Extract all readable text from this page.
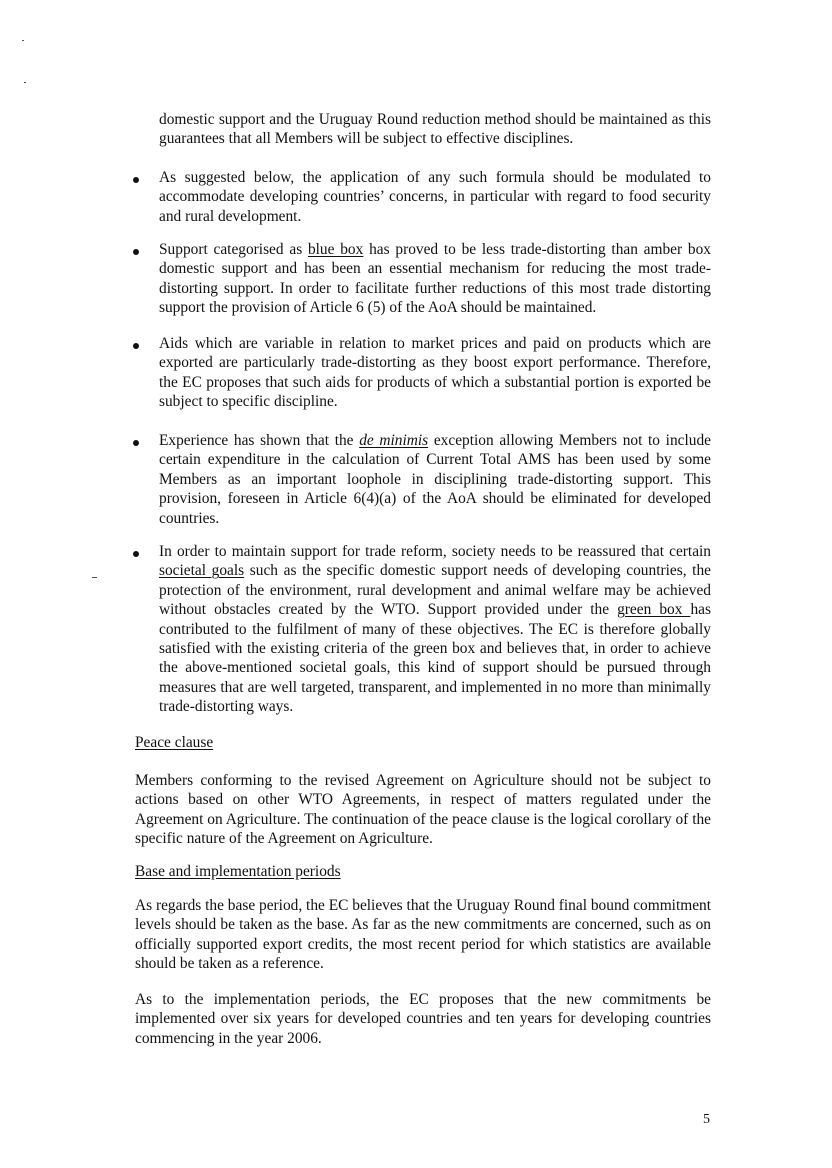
domestic support and the Uruguay Round reduction method should be maintained as this guarantees that all Members will be subject to effective disciplines.
As suggested below, the application of any such formula should be modulated to accommodate developing countries’ concerns, in particular with regard to food security and rural development.
Support categorised as blue box has proved to be less trade-distorting than amber box domestic support and has been an essential mechanism for reducing the most trade-distorting support. In order to facilitate further reductions of this most trade distorting support the provision of Article 6 (5) of the AoA should be maintained.
Aids which are variable in relation to market prices and paid on products which are exported are particularly trade-distorting as they boost export performance. Therefore, the EC proposes that such aids for products of which a substantial portion is exported be subject to specific discipline.
Experience has shown that the de minimis exception allowing Members not to include certain expenditure in the calculation of Current Total AMS has been used by some Members as an important loophole in disciplining trade-distorting support. This provision, foreseen in Article 6(4)(a) of the AoA should be eliminated for developed countries.
In order to maintain support for trade reform, society needs to be reassured that certain societal goals such as the specific domestic support needs of developing countries, the protection of the environment, rural development and animal welfare may be achieved without obstacles created by the WTO. Support provided under the green box has contributed to the fulfilment of many of these objectives. The EC is therefore globally satisfied with the existing criteria of the green box and believes that, in order to achieve the above-mentioned societal goals, this kind of support should be pursued through measures that are well targeted, transparent, and implemented in no more than minimally trade-distorting ways.
Peace clause
Members conforming to the revised Agreement on Agriculture should not be subject to actions based on other WTO Agreements, in respect of matters regulated under the Agreement on Agriculture. The continuation of the peace clause is the logical corollary of the specific nature of the Agreement on Agriculture.
Base and implementation periods
As regards the base period, the EC believes that the Uruguay Round final bound commitment levels should be taken as the base. As far as the new commitments are concerned, such as on officially supported export credits, the most recent period for which statistics are available should be taken as a reference.
As to the implementation periods, the EC proposes that the new commitments be implemented over six years for developed countries and ten years for developing countries commencing in the year 2006.
5
